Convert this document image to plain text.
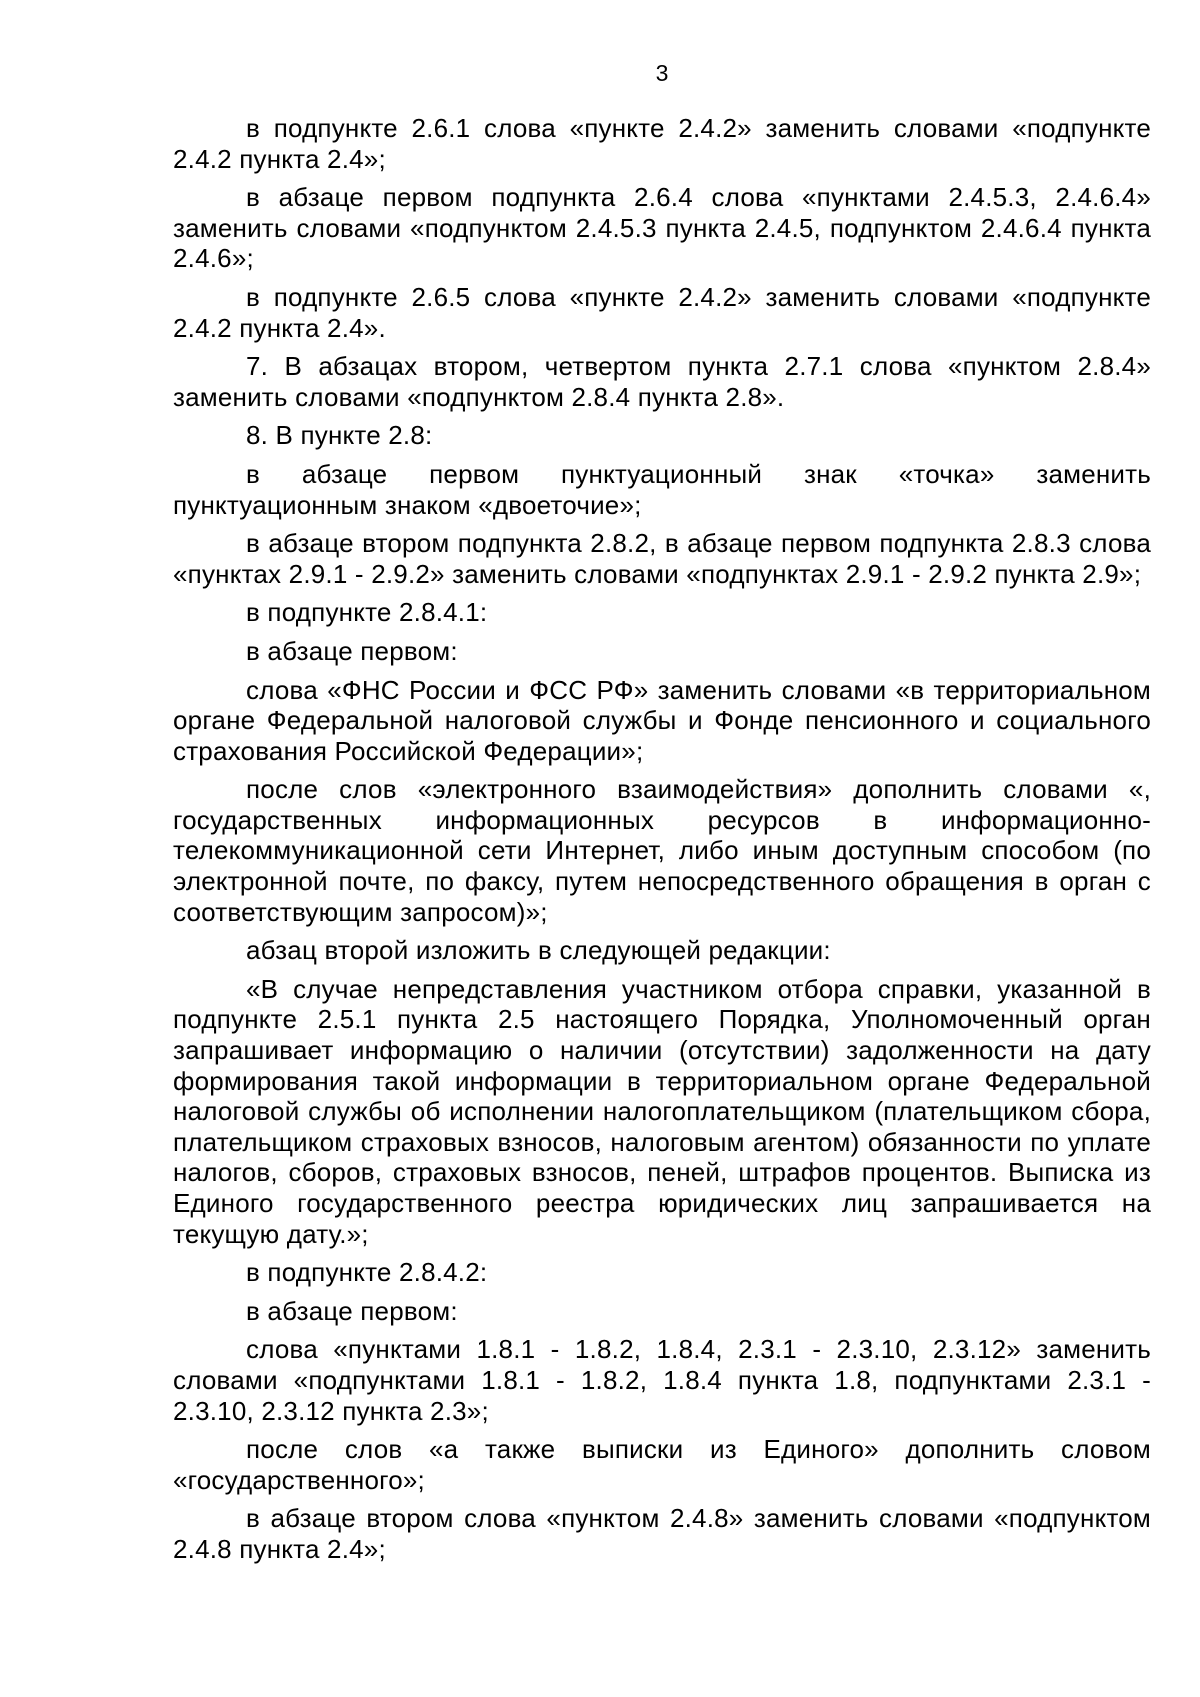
3

в подпункте 2.6.1 слова «пункте 2.4.2» заменить словами «подпункте 2.4.2 пункта 2.4»;

в абзаце первом подпункта 2.6.4 слова «пунктами 2.4.5.3, 2.4.6.4» заменить словами «подпунктом 2.4.5.3 пункта 2.4.5, подпунктом 2.4.6.4 пункта 2.4.6»;

в подпункте 2.6.5 слова «пункте 2.4.2» заменить словами «подпункте 2.4.2 пункта 2.4».

7. В абзацах втором, четвертом пункта 2.7.1 слова «пунктом 2.8.4» заменить словами «подпунктом 2.8.4 пункта 2.8».

8. В пункте 2.8:

в абзаце первом пунктуационный знак «точка» заменить пунктуационным знаком «двоеточие»;

в абзаце втором подпункта 2.8.2, в абзаце первом подпункта 2.8.3 слова «пунктах 2.9.1 - 2.9.2» заменить словами «подпунктах 2.9.1 - 2.9.2 пункта 2.9»;

в подпункте 2.8.4.1:

в абзаце первом:

слова «ФНС России и ФСС РФ» заменить словами «в территориальном органе Федеральной налоговой службы и Фонде пенсионного и социального страхования Российской Федерации»;

после слов «электронного взаимодействия» дополнить словами «, государственных информационных ресурсов в информационно-телекоммуникационной сети Интернет, либо иным доступным способом (по электронной почте, по факсу, путем непосредственного обращения в орган с соответствующим запросом)»;

абзац второй изложить в следующей редакции:

«В случае непредставления участником отбора справки, указанной в подпункте 2.5.1 пункта 2.5 настоящего Порядка, Уполномоченный орган запрашивает информацию о наличии (отсутствии) задолженности на дату формирования такой информации в территориальном органе Федеральной налоговой службы об исполнении налогоплательщиком (плательщиком сбора, плательщиком страховых взносов, налоговым агентом) обязанности по уплате налогов, сборов, страховых взносов, пеней, штрафов процентов. Выписка из Единого государственного реестра юридических лиц запрашивается на текущую дату.»;

в подпункте 2.8.4.2:

в абзаце первом:

слова «пунктами 1.8.1 - 1.8.2, 1.8.4, 2.3.1 - 2.3.10, 2.3.12» заменить словами «подпунктами 1.8.1 - 1.8.2, 1.8.4 пункта 1.8, подпунктами 2.3.1 - 2.3.10, 2.3.12 пункта 2.3»;

после слов «а также выписки из Единого» дополнить словом «государственного»;

в абзаце втором слова «пунктом 2.4.8» заменить словами «подпунктом 2.4.8 пункта 2.4»;
